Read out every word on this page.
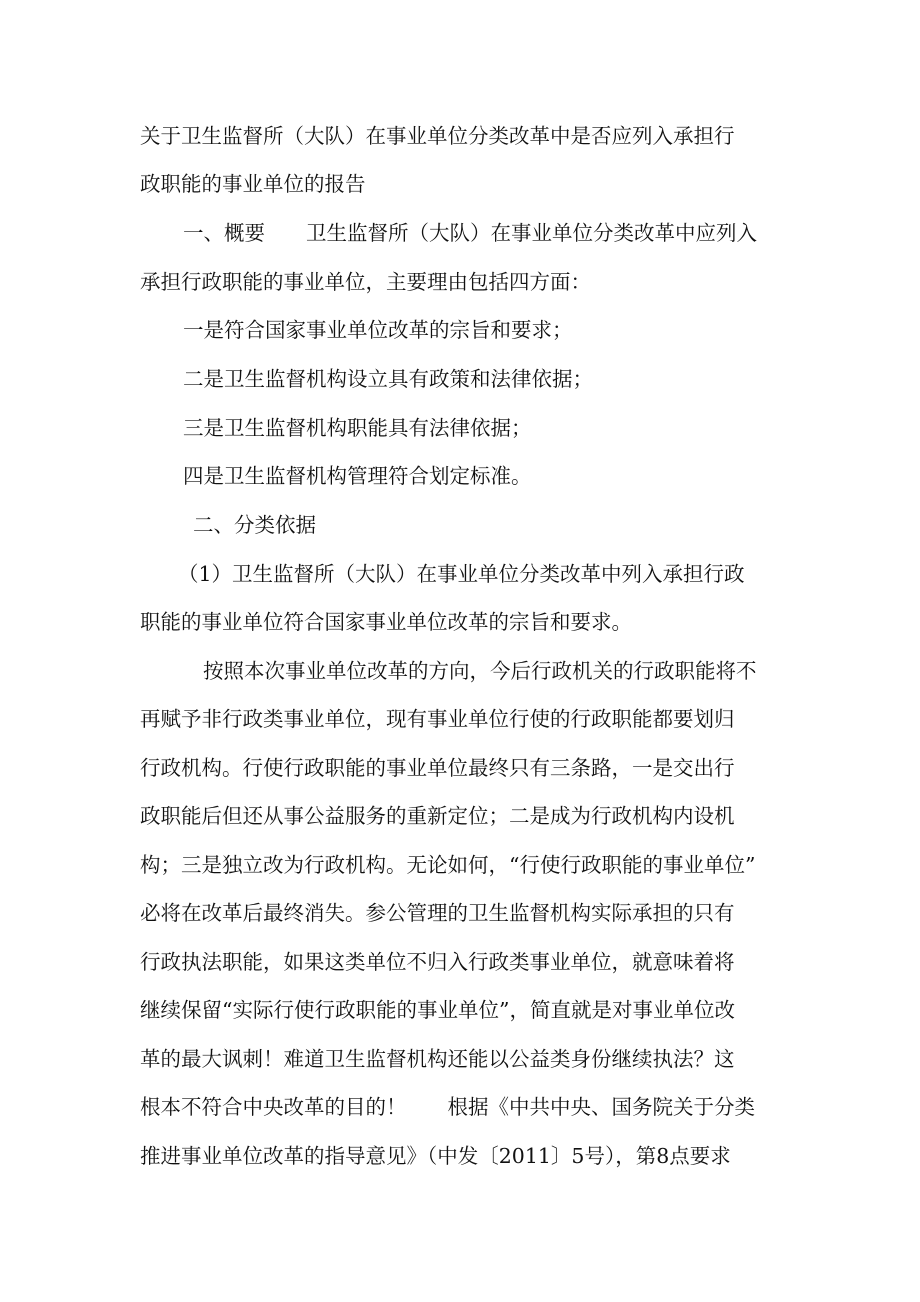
关于卫生监督所（大队）在事业单位分类改革中是否应列入承担行
政职能的事业单位的报告
一、概要　　卫生监督所（大队）在事业单位分类改革中应列入
承担行政职能的事业单位，主要理由包括四方面：
一是符合国家事业单位改革的宗旨和要求；
二是卫生监督机构设立具有政策和法律依据；
三是卫生监督机构职能具有法律依据；
四是卫生监督机构管理符合划定标准。
二、分类依据
（1）卫生监督所（大队）在事业单位分类改革中列入承担行政
职能的事业单位符合国家事业单位改革的宗旨和要求。
按照本次事业单位改革的方向，今后行政机关的行政职能将不
再赋予非行政类事业单位，现有事业单位行使的行政职能都要划归
行政机构。行使行政职能的事业单位最终只有三条路，一是交出行
政职能后但还从事公益服务的重新定位；二是成为行政机构内设机
构；三是独立改为行政机构。无论如何，“行使行政职能的事业单位”
必将在改革后最终消失。参公管理的卫生监督机构实际承担的只有
行政执法职能，如果这类单位不归入行政类事业单位，就意味着将
继续保留“实际行使行政职能的事业单位”，简直就是对事业单位改
革的最大讽刺！难道卫生监督机构还能以公益类身份继续执法？这
根本不符合中央改革的目的！　　根据《中共中央、国务院关于分类
推进事业单位改革的指导意见》（中发〔2011〕5号），第8点要求
